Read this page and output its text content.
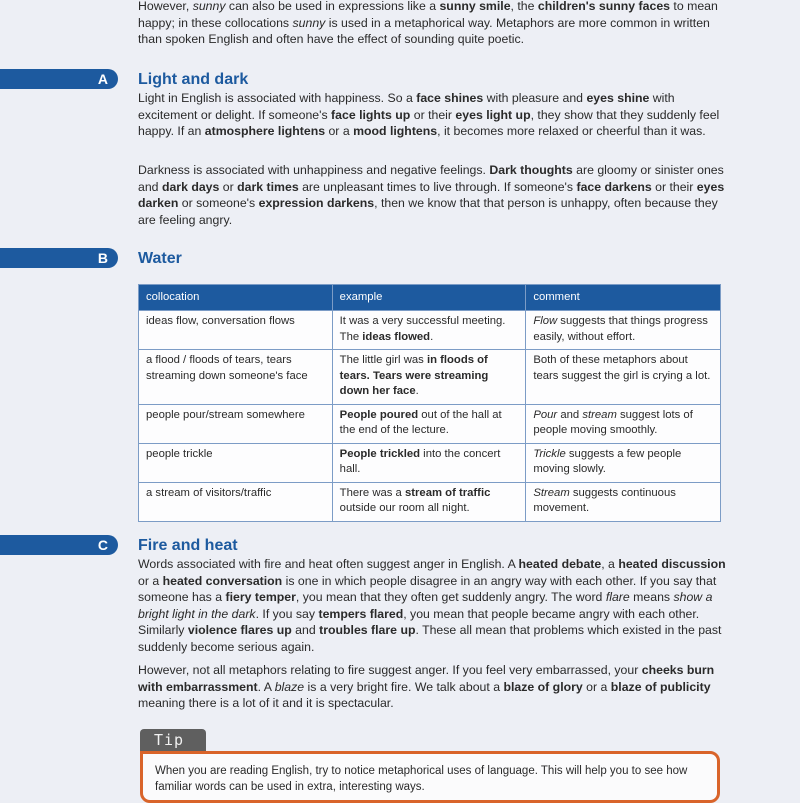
However, sunny can also be used in expressions like a sunny smile, the children's sunny faces to mean happy; in these collocations sunny is used in a metaphorical way. Metaphors are more common in written than spoken English and often have the effect of sounding quite poetic.

A Light and dark

Light in English is associated with happiness. So a face shines with pleasure and eyes shine with excitement or delight. If someone's face lights up or their eyes light up, they show that they suddenly feel happy. If an atmosphere lightens or a mood lightens, it becomes more relaxed or cheerful than it was.

Darkness is associated with unhappiness and negative feelings. Dark thoughts are gloomy or sinister ones and dark days or dark times are unpleasant times to live through. If someone's face darkens or their eyes darken or someone's expression darkens, then we know that that person is unhappy, often because they are feeling angry.

B Water
collocation	example	comment
ideas flow, conversation flows	It was a very successful meeting. The ideas flowed.	Flow suggests that things progress easily, without effort.
a flood / floods of tears, tears streaming down someone's face	The little girl was in floods of tears. Tears were streaming down her face.	Both of these metaphors about tears suggest the girl is crying a lot.
people pour/stream somewhere	People poured out of the hall at the end of the lecture.	Pour and stream suggest lots of people moving smoothly.
people trickle	People trickled into the concert hall.	Trickle suggests a few people moving slowly.
a stream of visitors/traffic	There was a stream of traffic outside our room all night.	Stream suggests continuous movement.
C Fire and heat

Words associated with fire and heat often suggest anger in English. A heated debate, a heated discussion or a heated conversation is one in which people disagree in an angry way with each other. If you say that someone has a fiery temper, you mean that they often get suddenly angry. The word flare means show a bright light in the dark. If you say tempers flared, you mean that people became angry with each other. Similarly violence flares up and troubles flare up. These all mean that problems which existed in the past suddenly become serious again.

However, not all metaphors relating to fire suggest anger. If you feel very embarrassed, your cheeks burn with embarrassment. A blaze is a very bright fire. We talk about a blaze of glory or a blaze of publicity meaning there is a lot of it and it is spectacular.

Tip
When you are reading English, try to notice metaphorical uses of language. This will help you to see how familiar words can be used in extra, interesting ways.
